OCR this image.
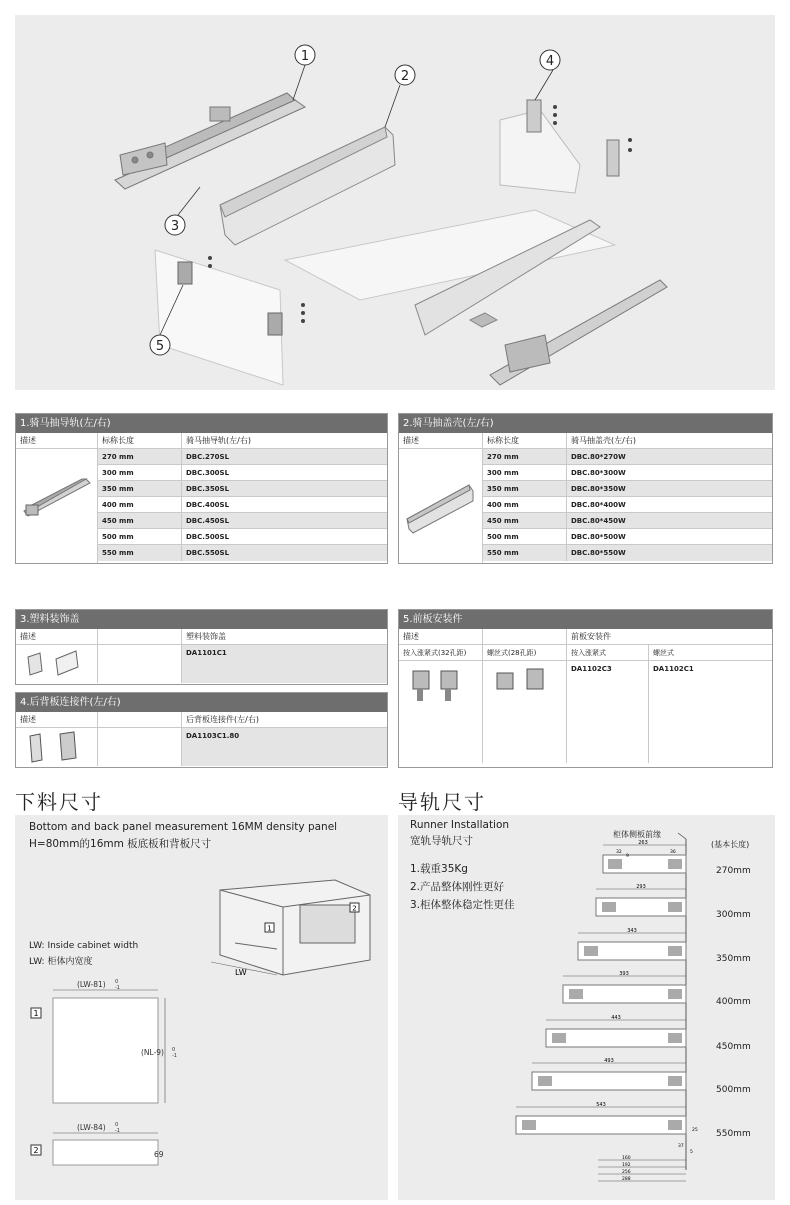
1
2
3
4
5
1.骑马抽导轨(左/右)
描述	标称长度	骑马抽导轨(左/右)
270 mm	DBC.270SL
300 mm	DBC.300SL
350 mm	DBC.350SL
400 mm	DBC.400SL
450 mm	DBC.450SL
500 mm	DBC.500SL
550 mm	DBC.550SL
2.骑马抽盖壳(左/右)
描述	标称长度	骑马抽盖壳(左/右)
270 mm	DBC.80*270W
300 mm	DBC.80*300W
350 mm	DBC.80*350W
400 mm	DBC.80*400W
450 mm	DBC.80*450W
500 mm	DBC.80*500W
550 mm	DBC.80*550W
3.塑料装饰盖
描述	塑料装饰盖
DA1101C1
4.后背板连接件(左/右)
描述	后背板连接件(左/右)
DA1103C1.80
5.前板安装件
描述	前板安装件
按入涨紧式(32孔距)	螺丝式(28孔距)	按入涨紧式	螺丝式
DA1102C3	DA1102C1
下料尺寸	导轨尺寸
Bottom and back panel measurement 16MM density panel
H=80mm的16mm 板底板和背板尺寸
LW: Inside cabinet width
LW: 柜体内宽度
1
2
LW
(LW-81) 0
-1
(NL-9) 0
-1
1
(LW-84) 0
-1
69
2
Runner Installation
宽轨导轨尺寸
1.载重35Kg
2.产品整体刚性更好
3.柜体整体稳定性更佳
柜体侧板前缘
(基本长度)
270mm
300mm
350mm
400mm
450mm
500mm
550mm
263
32
9
36
293
343
393
443
493
543
37
5
25
160
192
256
288
